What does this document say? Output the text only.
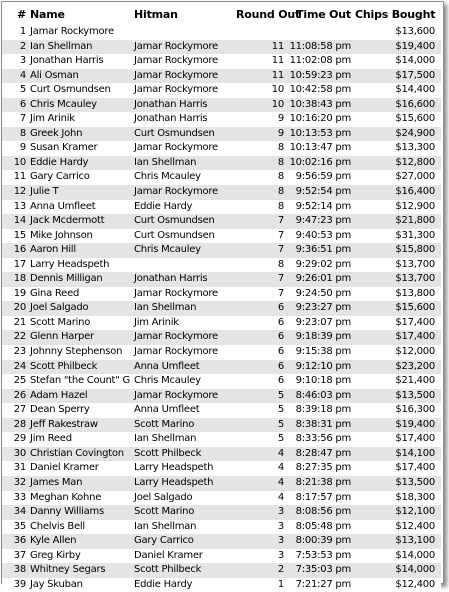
#	Name	Hitman	Round Out	Time Out	Chips Bought
1	Jamar Rockymore				$13,600
2	Ian Shellman	Jamar Rockymore	11	11:08:58 pm	$19,400
3	Jonathan Harris	Jamar Rockymore	11	11:02:08 pm	$14,000
4	Ali Osman	Jamar Rockymore	11	10:59:23 pm	$17,500
5	Curt Osmundsen	Jamar Rockymore	10	10:42:58 pm	$14,400
6	Chris Mcauley	Jonathan Harris	10	10:38:43 pm	$16,600
7	Jim Arinik	Jonathan Harris	9	10:16:20 pm	$15,600
8	Greek John	Curt Osmundsen	9	10:13:53 pm	$24,900
9	Susan Kramer	Jamar Rockymore	8	10:13:47 pm	$13,300
10	Eddie Hardy	Ian Shellman	8	10:02:16 pm	$12,800
11	Gary Carrico	Chris Mcauley	8	9:56:59 pm	$27,000
12	Julie T	Jamar Rockymore	8	9:52:54 pm	$16,400
13	Anna Umfleet	Eddie Hardy	8	9:52:14 pm	$12,900
14	Jack Mcdermott	Curt Osmundsen	7	9:47:23 pm	$21,800
15	Mike Johnson	Curt Osmundsen	7	9:40:53 pm	$31,300
16	Aaron Hill	Chris Mcauley	7	9:36:51 pm	$15,800
17	Larry Headspeth		8	9:29:02 pm	$13,700
18	Dennis Milligan	Jonathan Harris	7	9:26:01 pm	$13,700
19	Gina Reed	Jamar Rockymore	7	9:24:50 pm	$13,800
20	Joel Salgado	Ian Shellman	6	9:23:27 pm	$15,600
21	Scott Marino	Jim Arinik	6	9:23:07 pm	$17,400
22	Glenn Harper	Jamar Rockymore	6	9:18:39 pm	$17,400
23	Johnny Stephenson	Jamar Rockymore	6	9:15:38 pm	$12,000
24	Scott Philbeck	Anna Umfleet	6	9:12:10 pm	$23,200
25	Stefan "the Count" G	Chris Mcauley	6	9:10:18 pm	$21,400
26	Adam Hazel	Jamar Rockymore	5	8:46:03 pm	$13,500
27	Dean Sperry	Anna Umfleet	5	8:39:18 pm	$16,300
28	Jeff Rakestraw	Scott Marino	5	8:38:31 pm	$19,400
29	Jim Reed	Ian Shellman	5	8:33:56 pm	$17,400
30	Christian Covington	Scott Philbeck	4	8:28:47 pm	$14,100
31	Daniel Kramer	Larry Headspeth	4	8:27:35 pm	$17,400
32	James Man	Larry Headspeth	4	8:21:38 pm	$13,500
33	Meghan Kohne	Joel Salgado	4	8:17:57 pm	$18,300
34	Danny Williams	Scott Marino	3	8:08:56 pm	$12,100
35	Chelvis Bell	Ian Shellman	3	8:05:48 pm	$12,400
36	Kyle Allen	Gary Carrico	3	8:00:39 pm	$13,100
37	Greg Kirby	Daniel Kramer	3	7:53:53 pm	$14,000
38	Whitney Segars	Scott Philbeck	2	7:35:03 pm	$14,000
39	Jay Skuban	Eddie Hardy	1	7:21:27 pm	$12,400
